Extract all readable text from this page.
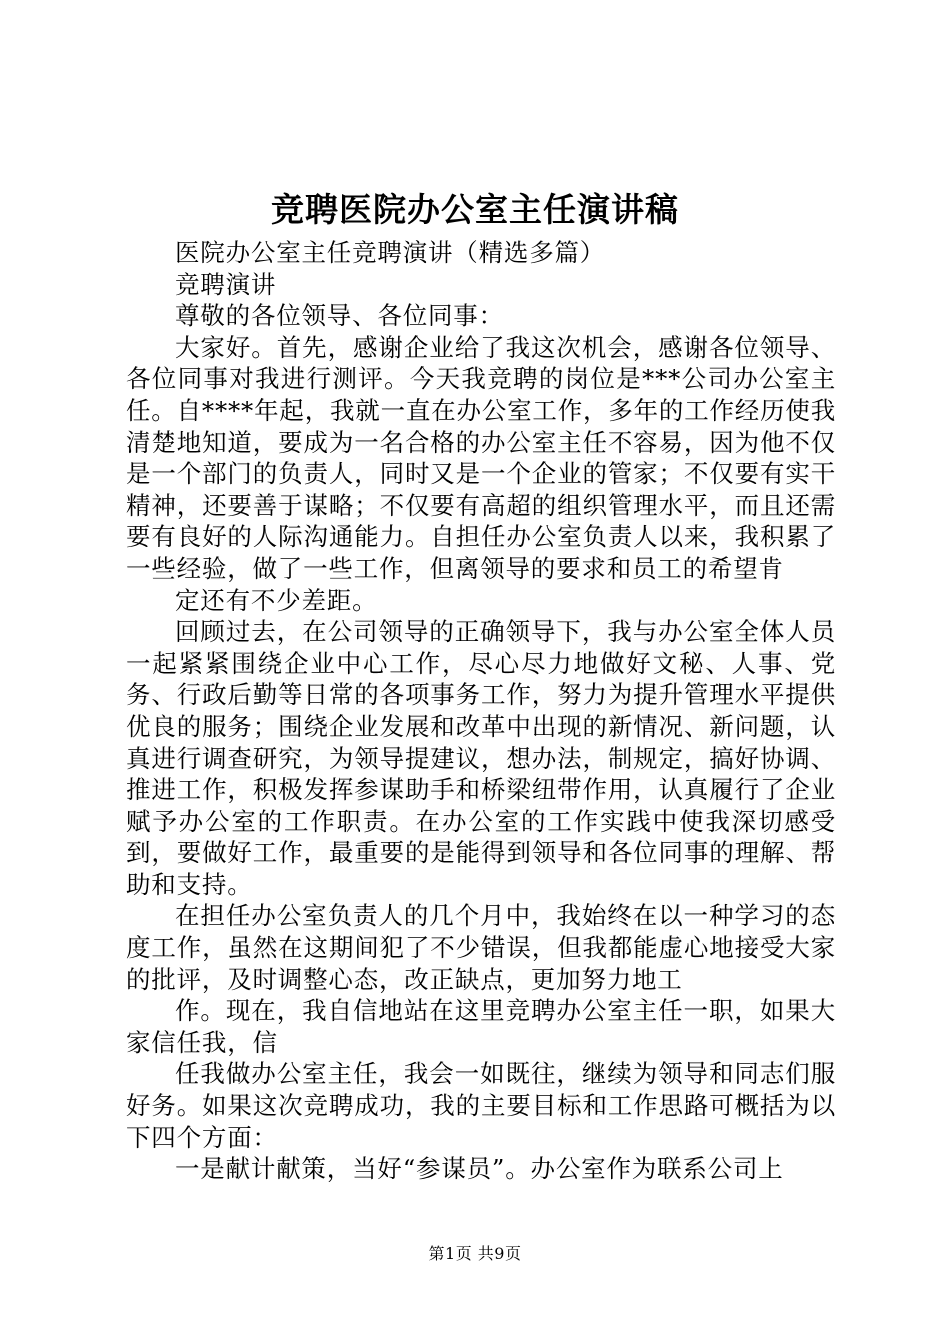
竞聘医院办公室主任演讲稿

医院办公室主任竞聘演讲（精选多篇）

竞聘演讲

尊敬的各位领导、各位同事：

大家好。首先，感谢企业给了我这次机会，感谢各位领导、各位同事对我进行测评。今天我竞聘的岗位是***公司办公室主任。自****年起，我就一直在办公室工作，多年的工作经历使我清楚地知道，要成为一名合格的办公室主任不容易，因为他不仅是一个部门的负责人，同时又是一个企业的管家；不仅要有实干精神，还要善于谋略；不仅要有高超的组织管理水平，而且还需要有良好的人际沟通能力。自担任办公室负责人以来，我积累了一些经验，做了一些工作，但离领导的要求和员工的希望肯

定还有不少差距。

回顾过去，在公司领导的正确领导下，我与办公室全体人员一起紧紧围绕企业中心工作，尽心尽力地做好文秘、人事、党务、行政后勤等日常的各项事务工作，努力为提升管理水平提供优良的服务；围绕企业发展和改革中出现的新情况、新问题，认真进行调查研究，为领导提建议，想办法，制规定，搞好协调、推进工作，积极发挥参谋助手和桥梁纽带作用，认真履行了企业赋予办公室的工作职责。在办公室的工作实践中使我深切感受到，要做好工作，最重要的是能得到领导和各位同事的理解、帮助和支持。

在担任办公室负责人的几个月中，我始终在以一种学习的态度工作，虽然在这期间犯了不少错误，但我都能虚心地接受大家的批评，及时调整心态，改正缺点，更加努力地工

作。现在，我自信地站在这里竞聘办公室主任一职，如果大家信任我，信

任我做办公室主任，我会一如既往，继续为领导和同志们服好务。如果这次竞聘成功，我的主要目标和工作思路可概括为以下四个方面：

一是献计献策，当好“参谋员”。办公室作为联系公司上

第1页 共9页
